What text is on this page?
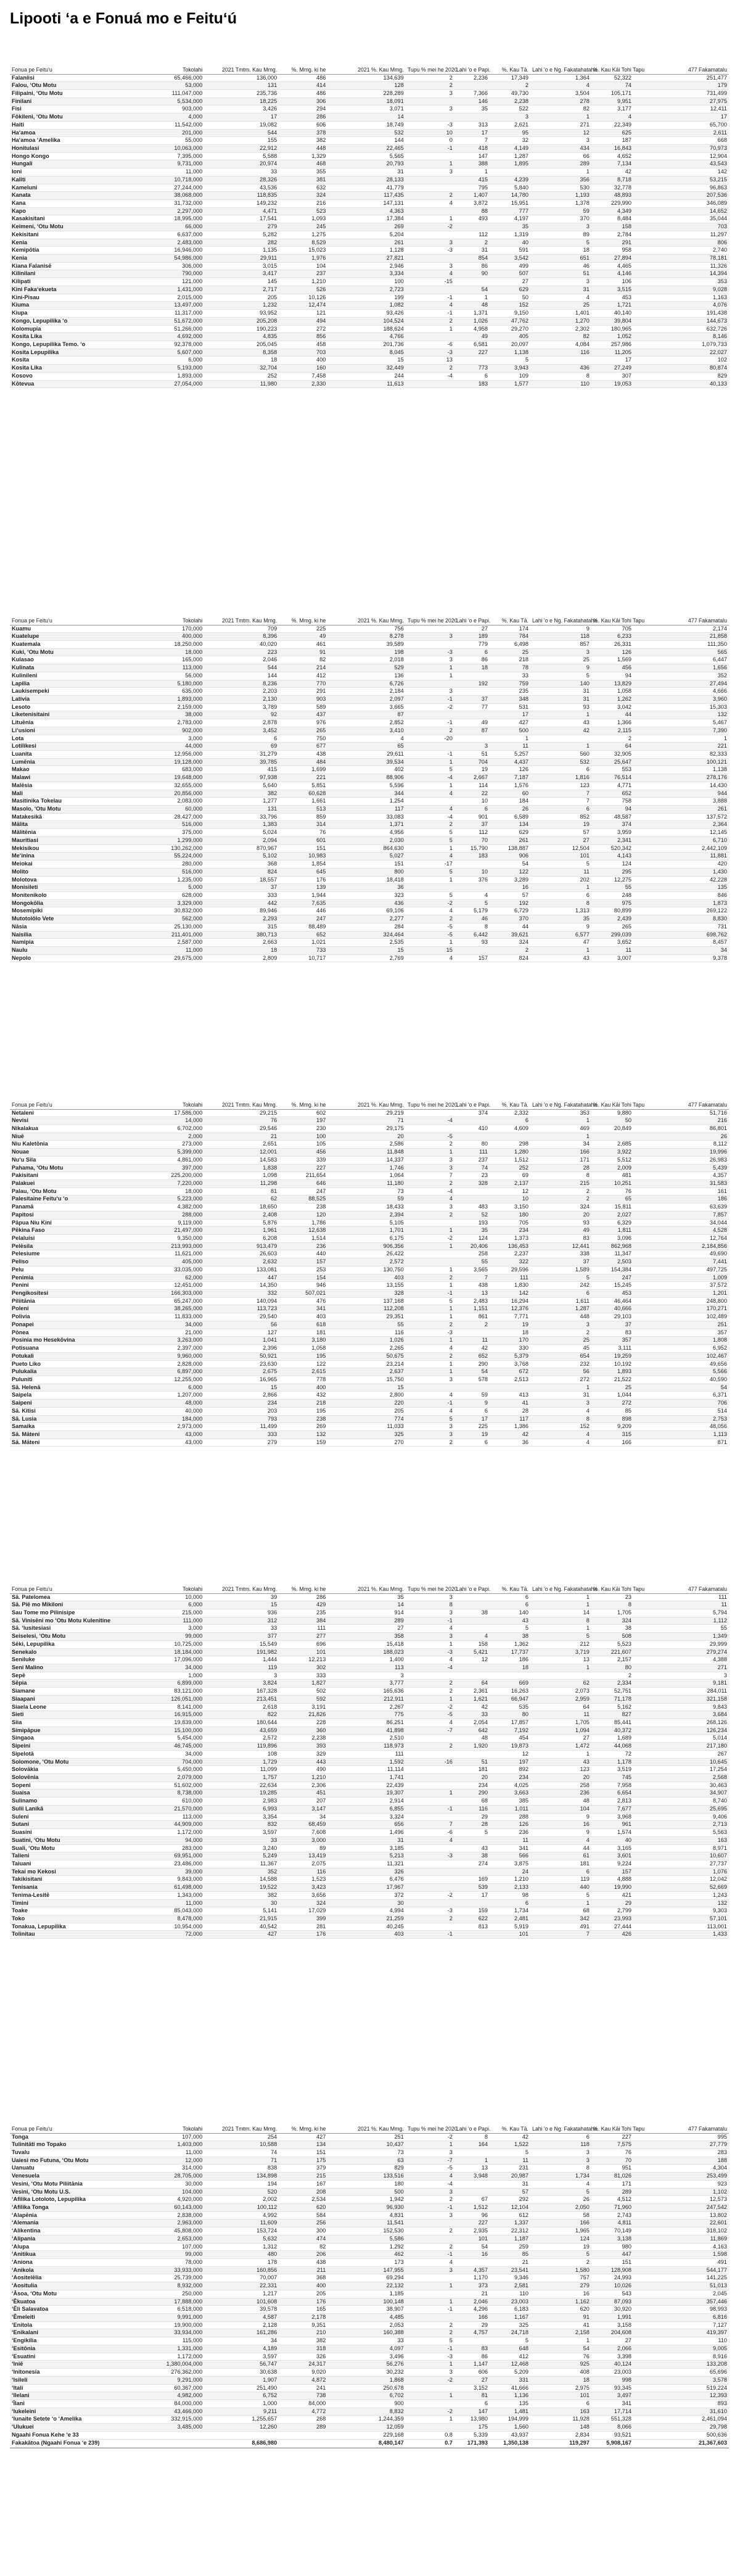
Lipooti ʻa e Fonuá mo e Feituʻú
Fonua pe Feitu'u	Tokolahi	2021 Tmtm. Kau Mmg.	%. Mmg. ki he	2021 %. Kau Mmg.	Tupu % mei he 2020	Lahi 'o e Papi.	%. Kau Tā.	Lahi 'o e Ng. Fakatahataha	%. Kau Kāi Tohi Tapu	477 Fakamatalu
Falaniisi	65,466,000	136,000	486	134,639	2	2,236	17,349	1,364	52,322	251,477
Falou, ʻOtu Motu	53,000	131	414	128	2		2	4	74	179
Filipaini, ʻOtu Motu	111,047,000	235,736	486	228,289	3	7,366	49,730	3,504	105,171	731,499
Finilani	5,534,000	18,225	306	18,091		146	2,238	278	9,951	27,975
Fisi	903,000	3,426	294	3,071	3	35	522	82	3,177	12,411
Fōkileni, ʻOtu Motu	4,000	17	286	14			3	1	4	17
Haiti	11,542,000	19,082	606	18,749	-3	313	2,621	271	22,349	65,700
Haʻamoa	201,000	544	378	532	10	17	95	12	625	2,611
Haʻamoa ʻAmelika	55,000	155	382	144	0	7	32	3	187	668
Honitulasi	10,063,000	22,912	448	22,465	-1	418	4,149	434	16,843	70,973
Hongo Kongo	7,395,000	5,588	1,329	5,565		147	1,287	66	4,652	12,904
Hungali	9,731,000	20,974	468	20,793	1	388	1,895	289	7,134	43,543
Ioni	11,000	33	355	31	3	1		1	42	142
Kaliti	10,718,000	28,326	381	28,133		415	4,239	356	8,718	53,215
Kameluni	27,244,000	43,536	632	41,779		795	5,840	530	32,778	96,863
Kanata	38,068,000	118,835	324	117,435	2	1,407	14,780	1,193	48,893	207,536
Kana	31,732,000	149,232	216	147,131	4	3,872	15,951	1,378	229,990	346,089
Kapo	2,297,000	4,471	523	4,363		88	777	59	4,349	14,652
Kasakisitani	18,995,000	17,541	1,093	17,384	1	493	4,197	370	8,484	35,044
Keimeni, ʻOtu Motu	66,000	279	245	269	-2		35	3	158	703
Kekisitani	6,637,000	5,282	1,275	5,204		112	1,319	89	2,784	11,297
Kenia	2,483,000	282	8,529	261	3	2	40	5	291	806
Kemipōtia	16,946,000	1,135	15,023	1,128	-3	31	591	18	958	2,740
Kenia	54,986,000	29,911	1,976	27,821		854	3,542	651	27,894	78,181
Kiana Falanisē	306,000	3,015	104	2,946	3	86	499	46	4,465	11,326
Kilinilani	790,000	3,417	237	3,334	4	90	507	51	4,146	14,394
Kilipati	121,000	145	1,210	100	-15		27	3	106	353
Kini Fakaʻekueta	1,431,000	2,717	526	2,723		54	629	31	3,515	9,028
Kini-Pisau	2,015,000	205	10,126	199	-1	1	50	4	453	1,163
Kiuma	13,497,000	1,232	12,474	1,082	4	48	152	25	1,721	4,076
Kiupa	11,317,000	93,952	121	93,426	-1	1,371	9,150	1,401	40,140	191,438
Kongo, Lepupilika ʻo	51,672,000	205,208	494	104,524	2	1,026	47,762	1,270	39,804	144,673
Kolomupia	51,266,000	190,223	272	188,624	1	4,958	29,270	2,302	180,965	632,726
Kosita Lika	4,692,000	4,835	856	4,766		49	405	82	1,052	8,146
Kongo, Lepupilika Temo. ʻo	92,378,000	205,045	458	201,736	-6	6,581	20,097	4,084	257,986	1,079,733
Kosita Lepupilika	5,607,000	8,358	703	8,045	-3	227	1,138	116	11,205	22,027
Kosita	6,000	18	400	15	13		5		17	102
Kosita Lika	5,193,000	32,704	160	32,449	2	773	3,943	436	27,249	80,874
Kosovo	1,893,000	252	7,458	244	-4	6	109	8	307	829
Kōtevua	27,054,000	11,980	2,330	11,613		183	1,577	110	19,053	40,133
Fonua pe Feitu'u	Tokolahi	2021 Tmtm. Kau Mmg.	%. Mmg. ki he	2021 %. Kau Mmg.	Tupu % mei he 2020	Lahi 'o e Papi.	%. Kau Tā.	Lahi 'o e Ng. Fakatahataha	%. Kau Kāi Tohi Tapu	477 Fakamatalu
Kuamu	170,000	709	225	756		27	174	9	705	2,174
Kuatelupe	400,000	8,396	49	8,278	3	189	784	118	6,233	21,858
Kuatemala	18,250,000	40,020	461	39,589		779	6,498	857	26,331	111,350
Kuki, ʻOtu Motu	18,000	223	91	198	-3	6	25	3	126	565
Kulasao	165,000	2,046	82	2,018	3	86	218	25	1,569	6,447
Kulinata	113,000	544	214	529	1	18	78	9	456	1,656
Kulinileni	56,000	144	412	136	1		33	5	94	352
Lapilia	5,180,000	8,236	770	6,726		192	759	140	13,829	27,494
Laukisempeki	635,000	2,203	291	2,184	3		235	31	1,058	4,666
Lativia	1,893,000	2,130	903	2,097	-1	37	348	31	1,262	3,960
Lesoto	2,159,000	3,789	589	3,665	-2	77	531	93	3,042	15,303
Liketenisitaini	38,000	92	437	87			17	1	44	132
Lituēnia	2,783,000	2,878	976	2,852	-1	49	427	43	1,366	5,467
Liʻusioni	902,000	3,452	265	3,410	2	87	500	42	2,115	7,390
Lota	3,000	6	750	4	-20		1		2	1
Lotilikesi	44,000	69	677	65		3	11	1	64	221
Luanita	12,956,000	31,279	438	29,611	-1	51	5,257	560	32,905	82,333
Lumēnia	19,128,000	39,785	484	39,534	1	704	4,437	532	25,647	100,121
Makao	683,000	415	1,699	402	5	19	126	6	553	1,138
Malawi	19,648,000	97,938	221	88,906	-4	2,667	7,187	1,816	76,514	278,176
Malēsia	32,655,000	5,640	5,851	5,596	1	114	1,576	123	4,771	14,430
Mali	20,856,000	382	60,628	344	4	22	60	7	652	944
Masitinika Tokelau	2,083,000	1,277	1,661	1,254		10	184	7	758	3,888
Masolo, ʻOtu Motu	60,000	131	513	117	4	6	26	6	94	261
Matakesikā	28,427,000	33,796	859	33,083	-4	901	6,589	852	48,587	137,572
Mālita	516,000	1,383	314	1,371	2	37	134	19	374	2,364
Mālitēnia	375,000	5,024	76	4,956	5	112	629	57	3,959	12,145
Mauritiasi	1,299,000	2,094	601	2,030	5	70	261	27	2,341	6,710
Mekisikou	130,262,000	870,967	151	864,630	1	15,790	138,887	12,504	520,342	2,442,109
Meʻinina	55,224,000	5,102	10,983	5,027	4	183	906	101	4,143	11,881
Meiokai	280,000	368	1,854	151	-17		54	5	124	420
Molito	516,000	824	645	800	5	10	122	11	295	1,430
Molotova	1,235,000	18,557	176	18,418	1	376	3,289	202	12,275	42,228
Monisileti	5,000	37	139	36			16	1	55	135
Monitenikolo	628,000	333	1,944	323	5	4	57	6	248	846
Mongokōlia	3,329,000	442	7,635	436	-2	5	192	8	975	1,873
Mosemipiki	30,832,000	89,946	446	69,106	4	5,179	6,729	1,313	80,899	269,122
Mutotolōlo Vete	562,000	2,293	247	2,277	2	46	370	35	2,439	8,830
Nāsia	25,130,000	315	88,489	284	-5	8	44	9	265	731
Naisilia	211,401,000	380,713	652	324,464	-5	6,442	39,621	6,577	299,039	698,762
Namipia	2,587,000	2,663	1,021	2,535	1	93	324	47	3,652	8,457
Naulu	11,000	18	733	15	15		2	1	11	34
Nepolo	29,675,000	2,809	10,717	2,769	4	157	824	43	3,007	9,378
Fonua pe Feitu'u	Tokolahi	2021 Tmtm. Kau Mmg.	%. Mmg. ki he	2021 %. Kau Mmg.	Tupu % mei he 2020	Lahi 'o e Papi.	%. Kau Tā.	Lahi 'o e Ng. Fakatahataha	%. Kau Kāi Tohi Tapu	477 Fakamatalu
Netaleni	17,586,000	29,215	602	29,219		374	2,332	353	9,880	51,716
Nevisi	14,000	76	197	71	-4		6	1	50	216
Nikalakua	6,702,000	29,546	230	29,175		410	4,609	469	20,849	86,801
Niuē	2,000	21	100	20	-5			1		26
Niu Kaletōnia	273,000	2,651	105	2,586	2	80	298	34	2,685	8,112
Nouae	5,399,000	12,001	456	11,848	1	111	1,280	166	3,922	19,996
Nuʻu Sila	4,861,000	14,583	339	14,337	3	237	1,512	171	5,512	26,983
Pahama, ʻOtu Motu	397,000	1,838	227	1,746	3	74	252	28	2,009	5,439
Pakisitani	225,200,000	1,098	211,654	1,064	7	23	69	8	481	4,357
Palakuei	7,220,000	11,298	646	11,180	2	328	2,137	215	10,251	31,583
Palau, ʻOtu Motu	18,000	81	247	73	-4		12	2	76	161
Palesitaine Feituʻu ʻo	5,223,000	62	88,525	59	4		10	2	65	186
Panamā	4,382,000	18,650	238	18,433	3	483	3,150	324	15,811	63,639
Papitosi	288,000	2,408	120	2,394	2	52	180	20	2,027	7,857
Pāpua Niu Kini	9,119,000	5,876	1,786	5,105		193	705	93	6,329	34,044
Pēkina Faso	21,497,000	1,961	12,638	1,701	1	35	234	49	1,811	4,528
Pelaluisi	9,350,000	6,208	1,514	6,175	-2	124	1,373	83	3,096	12,764
Pelēsila	213,993,000	913,479	236	906,356	1	20,406	136,453	12,441	862,968	2,184,856
Pelesiume	11,621,000	26,603	440	26,422		258	2,237	338	11,347	49,690
Peliso	405,000	2,632	157	2,572		55	322	37	2,503	7,441
Pelu	33,035,000	133,081	253	130,750	1	3,565	29,596	1,589	154,384	497,725
Penimia	62,000	447	154	403	2	7	111	5	247	1,009
Penini	12,451,000	14,350	946	13,155	1	438	1,830	242	15,245	37,572
Pengikositesi	166,303,000	332	507,021	328	-1	13	142	6	453	1,201
Piliitānia	65,247,000	140,094	476	137,168	5	2,483	16,294	1,611	46,464	248,800
Poleni	38,265,000	113,723	341	112,208	1	1,151	12,376	1,287	40,666	170,271
Polivia	11,833,000	29,540	403	29,351	1	861	7,771	448	29,103	102,489
Ponapei	34,000	56	618	55	2	2	19	3	37	251
Pōnea	21,000	127	181	116	-3		18	2	83	357
Posinia mo Hesekōvina	3,263,000	1,041	3,180	1,026	1	11	170	25	357	1,808
Potisuana	2,397,000	2,396	1,058	2,265	4	42	330	45	3,111	6,952
Potukali	9,960,000	50,921	195	50,675	2	652	5,379	654	19,259	102,467
Pueto Liko	2,828,000	23,630	122	23,214	1	290	3,768	232	10,192	49,656
Pulukalia	6,897,000	2,675	2,615	2,637	1	54	672	56	1,893	5,566
Puluniti	12,255,000	16,965	778	15,750	3	578	2,513	272	21,522	40,590
Sā. Helenā	6,000	15	400	15				1	25	54
Saipela	1,207,000	2,866	432	2,800	4	59	413	31	1,044	6,371
Saipeni	48,000	234	218	220	-1	9	41	3	272	706
Sā. Kitisi	40,000	203	195	205	4	6	28	4	85	514
Sā. Lusia	184,000	793	238	774	5	17	117	8	898	2,753
Samaika	2,973,000	11,499	269	11,033	3	225	1,386	152	9,209	48,056
Sā. Māteni	43,000	333	132	325	3	19	42	4	315	1,113
Sā. Māteni	43,000	279	159	270	2	6	36	4	166	871
Fonua pe Feitu'u	Tokolahi	2021 Tmtm. Kau Mmg.	%. Mmg. ki he	2021 %. Kau Mmg.	Tupu % mei he 2020	Lahi 'o e Papi.	%. Kau Tā.	Lahi 'o e Ng. Fakatahataha	%. Kau Kāi Tohi Tapu	477 Fakamatalu
Sā. Patelomea	10,000	39	286	35	3		6	1	23	111
Sā. Piē mo Mikiloni	6,000	15	429	14	8		6	1	8	11
Sau Tome mo Pilinisipe	215,000	936	235	914	3	38	140	14	1,705	5,794
Sā. Vinisēni mo ʻOtu Motu Kulenitine	111,000	312	384	289	-1		43	8	324	1,112
Sā. ʻIusitesiasi	3,000	33	111	27	4		5	1	38	55
Seiselesi, ʻOtu Motu	99,000	377	277	358	3	4	38	5	508	1,349
Sēki, Lepupilika	10,725,000	15,549	696	15,418	1	158	1,362	212	5,523	29,999
Senekalo	18,184,000	191,982	101	188,023	-3	5,421	17,737	3,719	221,607	279,274
Seniluke	17,096,000	1,444	12,213	1,400	4	12	186	13	2,157	4,388
Seni Malino	34,000	119	302	113	-4		18	1	80	271
Sepē	1,000	3	333	3					2	3
Sēpia	6,899,000	3,824	1,827	3,777	2	64	669	62	2,334	9,181
Siamane	83,121,000	167,328	502	165,636	2	2,361	16,263	2,073	52,751	284,011
Siaapani	126,051,000	213,451	592	212,911	1	1,621	66,947	2,959	71,178	321,158
Siaela Leone	8,141,000	2,618	3,191	2,267	-2	42	535	64	5,162	9,843
Sieti	16,915,000	822	21,826	775	-5	33	80	11	827	3,684
Siia	19,839,000	180,644	228	86,251	4	2,054	17,857	1,705	85,441	268,126
Simipāpue	15,100,000	43,659	360	41,898	-7	642	7,192	1,094	40,372	126,234
Singaoa	5,454,000	2,572	2,238	2,510		48	454	27	1,689	5,014
Sipeini	46,745,000	119,896	393	118,973	2	1,920	19,873	1,472	44,068	217,180
Sipelotā	34,000	108	329	111			12	1	72	267
Solomone, ʻOtu Motu	704,000	1,729	443	1,592	-16	51	197	43	1,178	10,645
Solovākia	5,450,000	11,099	490	11,114		181	892	123	3,519	17,254
Solovēnia	2,079,000	1,757	1,210	1,741		20	234	20	745	2,568
Sopeni	51,602,000	22,634	2,306	22,439		234	4,025	258	7,958	30,463
Suaisa	8,738,000	19,285	451	19,307	1	290	3,663	236	6,654	34,907
Sulinamo	610,000	2,983	207	2,914		68	385	48	2,813	8,740
Sulii Lanikā	21,570,000	6,993	3,147	6,855	-1	116	1,011	104	7,677	25,695
Suleni	113,000	3,354	34	3,324		29	288	9	3,968	9,406
Sutani	44,909,000	832	68,459	656	7	28	126	16	961	2,713
Suasini	1,172,000	3,597	7,608	1,496	-6	5	236	9	1,574	5,563
Suatini, ʻOtu Motu	94,000	33	3,000	31	4		11	4	40	163
Suali, ʻOtu Motu	283,000	3,240	89	3,185		43	341	44	3,165	8,971
Talieni	69,951,000	5,249	13,419	5,213	-3	38	566	61	3,601	10,607
Taiuani	23,486,000	11,367	2,075	11,321		274	3,875	181	9,224	27,737
Tekai mo Kekosi	39,000	352	116	326			24	6	157	1,076
Takikisitani	9,843,000	14,588	1,523	6,476		169	1,210	119	4,888	12,042
Tenisania	61,498,000	19,522	3,423	17,967		539	2,133	440	19,990	52,669
Tenima-Lesitē	1,343,000	382	3,656	372	-2	17	98	5	421	1,243
Timini	11,000	30	324	30			6	1	29	132
Toake	85,043,000	5,141	17,029	4,994	-3	159	1,734	68	2,799	9,303
Toko	8,478,000	21,915	399	21,259	2	622	2,481	342	23,993	57,101
Tonakua, Lepupilika	10,954,000	40,542	281	40,245		813	5,919	491	27,444	113,001
Tolinitau	72,000	427	176	403	-1		101	7	426	1,433
Fonua pe Feitu'u	Tokolahi	2021 Tmtm. Kau Mmg.	%. Mmg. ki he	2021 %. Kau Mmg.	Tupu % mei he 2020	Lahi 'o e Papi.	%. Kau Tā.	Lahi 'o e Ng. Fakatahataha	%. Kau Kāi Tohi Tapu	477 Fakamatalu
Tonga	107,000	254	427	251	-2	8	42	6	227	995
Tulinitāti mo Topako	1,403,000	10,588	134	10,437	1	164	1,522	118	7,575	27,779
Tuvalu	11,000	74	151	73	3		5	3	76	283
Uaiesi mo Futuna, ʻOtu Motu	12,000	71	175	63	-7	1	11	3	70	188
Uanuatu	314,000	838	379	829	-5	13	231	8	951	4,304
Venesuela	28,705,000	134,898	215	133,516	4	3,948	20,987	1,734	81,026	253,499
Vesini, ʻOtu Motu Piliitānia	30,000	194	167	180	-4		31	4	171	923
Vesini, ʻOtu Motu U.S.	104,000	520	208	500	3		57	5	289	1,102
ʻAfilika Lotoloto, Lepupilika	4,920,000	2,002	2,534	1,942	2	67	292	26	4,512	12,573
ʻAfilika Tonga	60,143,000	100,112	620	96,930	-1	1,512	12,104	2,050	71,960	247,542
ʻAlapēnia	2,838,000	4,992	584	4,831	3	96	612	58	2,743	13,802
ʻAlemania	2,963,000	11,609	256	11,541		227	1,337	166	4,811	22,601
ʻAlikentina	45,808,000	153,724	300	152,530	2	2,935	22,312	1,965	70,149	318,102
ʻAlipania	2,653,000	5,632	474	5,586		101	1,187	124	3,138	11,869
ʻAlupa	107,000	1,312	82	1,292	2	54	259	19	980	4,163
ʻAnitikua	99,000	480	206	462	-1	16	85	5	447	1,598
ʻAniona	78,000	178	438	173	4		21	2	151	491
ʻAnikola	33,933,000	160,856	211	147,955	3	4,357	23,541	1,580	128,908	544,177
ʻAositelēlia	25,739,000	70,007	368	69,294		1,170	9,346	757	24,993	141,225
ʻAositulia	8,932,000	22,331	400	22,132	1	373	2,581	279	10,026	51,013
ʻĀsoa, ʻOtu Motu	250,000	1,217	205	1,185		21	110	16	543	2,045
ʻĒkuatoa	17,888,000	101,608	176	100,148	1	2,046	23,003	1,162	87,093	357,446
ʻĒli Salavatoa	6,518,000	39,578	165	38,907	-1	4,296	6,183	620	30,920	98,993
ʻĒmeleiti	9,991,000	4,587	2,178	4,485		166	1,167	91	1,991	6,816
ʻEnitola	19,900,000	2,128	9,351	2,053	2	29	325	41	3,158	7,127
ʻEnikalani	33,934,000	161,286	210	160,388	2	4,757	24,718	2,158	204,608	419,397
ʻEngikilia	115,000	34	382	33	5		5	1	27	110
ʻEsitōnia	1,331,000	4,189	318	4,097	-1	83	648	54	2,066	9,005
ʻEsuatini	1,172,000	3,597	326	3,496	-3	86	412	76	3,398	8,916
ʻIniē	1,380,004,000	56,747	24,317	56,276	1	1,147	12,468	925	40,124	133,208
ʻInitonesia	276,362,000	30,638	9,020	30,232	3	606	5,209	408	23,003	65,696
ʻIsileli	9,291,000	1,907	4,872	1,868	-2	27	331	18	998	3,578
ʻItali	60,367,000	251,490	241	250,678		3,152	41,666	2,975	93,345	519,224
ʻIlelani	4,982,000	6,752	738	6,702	1	81	1,136	101	3,497	12,393
ʻĪlani	84,000,000	1,000	84,000	900		6	135	6	341	893
ʻIukeleini	43,466,000	9,211	4,772	8,832	-2	147	1,481	163	17,714	31,610
ʻIunaite Setete ʻo ʻAmelika	332,915,000	1,255,657	268	1,244,359	1	13,980	194,999	11,928	551,328	2,461,094
ʻUlukuei	3,485,000	12,260	289	12,059		175	1,560	148	8,066	29,798
Ngaahi Fonua Kehe ʻe 33				229,168	0.8	5,339	43,937	2,834	93,521	500,636
Fakakātoa (Ngaahi Fonua ʻe 239)		8,686,980		8,480,147	0.7	171,393	1,350,138	119,297	5,908,167	21,367,603
